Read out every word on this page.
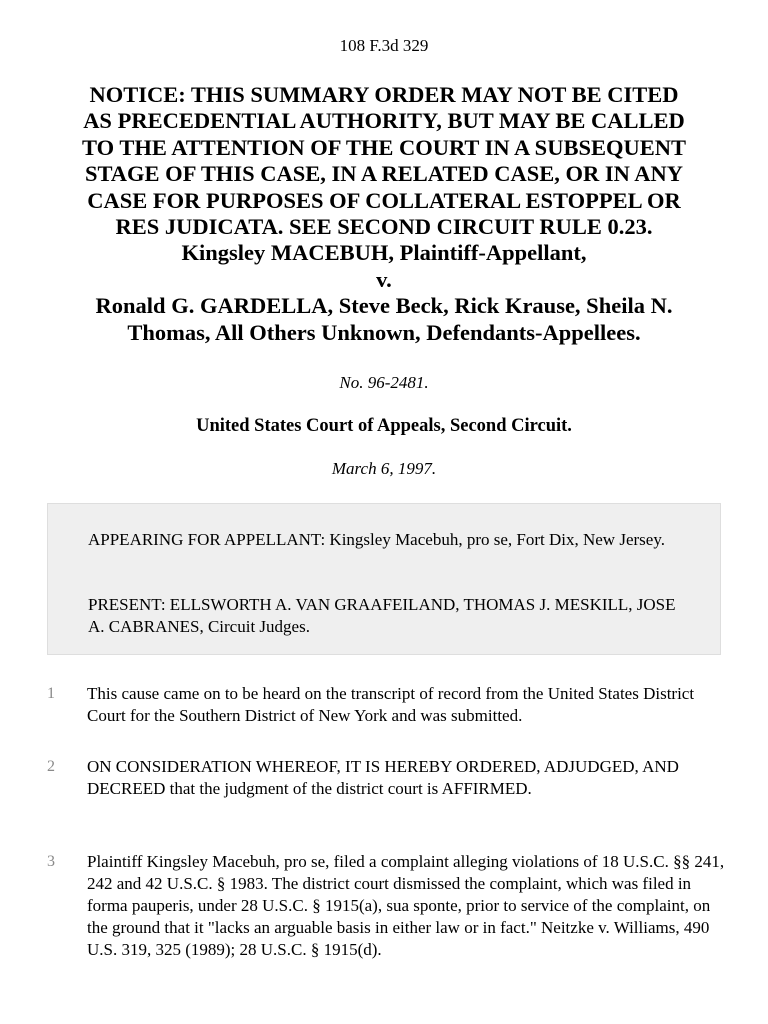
108 F.3d 329
NOTICE: THIS SUMMARY ORDER MAY NOT BE CITED
AS PRECEDENTIAL AUTHORITY, BUT MAY BE CALLED
TO THE ATTENTION OF THE COURT IN A SUBSEQUENT
STAGE OF THIS CASE, IN A RELATED CASE, OR IN ANY
CASE FOR PURPOSES OF COLLATERAL ESTOPPEL OR
RES JUDICATA. SEE SECOND CIRCUIT RULE 0.23.
Kingsley MACEBUH, Plaintiff-Appellant,
v.
Ronald G. GARDELLA, Steve Beck, Rick Krause, Sheila N.
Thomas, All Others Unknown, Defendants-Appellees.
No. 96-2481.
United States Court of Appeals, Second Circuit.
March 6, 1997.

APPEARING FOR APPELLANT: Kingsley Macebuh, pro se, Fort Dix, New Jersey.

PRESENT: ELLSWORTH A. VAN GRAAFEILAND, THOMAS J. MESKILL, JOSE A. CABRANES, Circuit Judges.

1 This cause came on to be heard on the transcript of record from the United States District Court for the Southern District of New York and was submitted.
2 ON CONSIDERATION WHEREOF, IT IS HEREBY ORDERED, ADJUDGED, AND DECREED that the judgment of the district court is AFFIRMED.
3 Plaintiff Kingsley Macebuh, pro se, filed a complaint alleging violations of 18 U.S.C. §§ 241, 242 and 42 U.S.C. § 1983. The district court dismissed the complaint, which was filed in forma pauperis, under 28 U.S.C. § 1915(a), sua sponte, prior to service of the complaint, on the ground that it "lacks an arguable basis in either law or in fact." Neitzke v. Williams, 490 U.S. 319, 325 (1989); 28 U.S.C. § 1915(d).
